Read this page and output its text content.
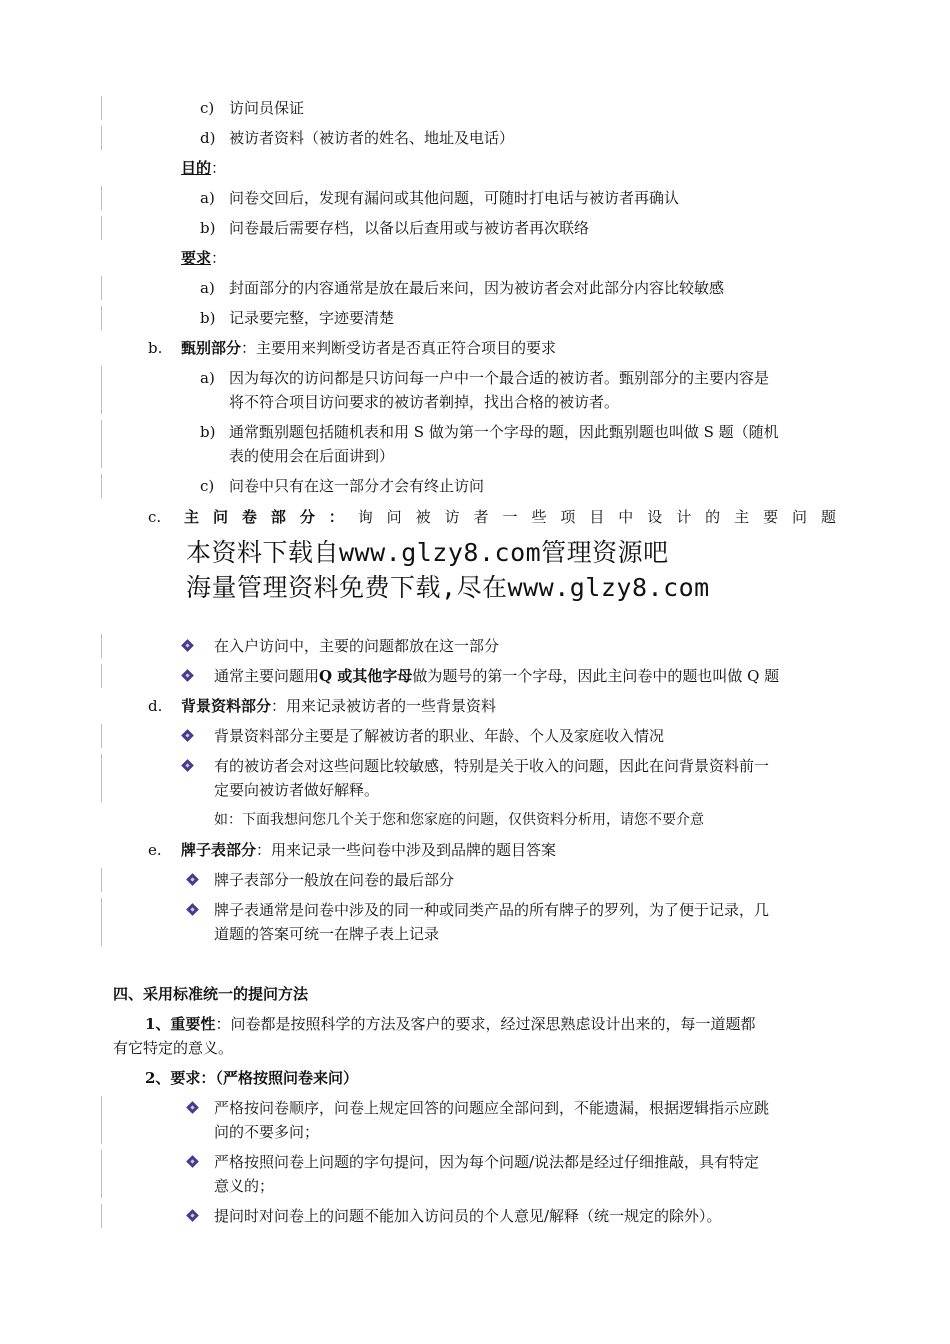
c) 访问员保证
d) 被访者资料（被访者的姓名、地址及电话）
目的：
a) 问卷交回后，发现有漏问或其他问题，可随时打电话与被访者再确认
b) 问卷最后需要存档，以备以后查用或与被访者再次联络
要求：
a) 封面部分的内容通常是放在最后来问，因为被访者会对此部分内容比较敏感
b) 记录要完整，字迹要清楚
b. 甄别部分：主要用来判断受访者是否真正符合项目的要求
a) 因为每次的访问都是只访问每一户中一个最合适的被访者。甄别部分的主要内容是
将不符合项目访问要求的被访者剃掉，找出合格的被访者。
b) 通常甄别题包括随机表和用 S 做为第一个字母的题，因此甄别题也叫做 S 题（随机
表的使用会在后面讲到）
c) 问卷中只有在这一部分才会有终止访问
c. 主 问 卷 部 分 ： 询 问 被 访 者 一 些 项 目 中 设 计 的 主 要 问 题
本资料下载自www.glzy8.com管理资源吧
海量管理资料免费下载,尽在www.glzy8.com
在入户访问中，主要的问题都放在这一部分
通常主要问题用Q 或其他字母做为题号的第一个字母，因此主问卷中的题也叫做 Q 题
d. 背景资料部分：用来记录被访者的一些背景资料
背景资料部分主要是了解被访者的职业、年龄、个人及家庭收入情况
有的被访者会对这些问题比较敏感，特别是关于收入的问题，因此在问背景资料前一
定要向被访者做好解释。
如：下面我想问您几个关于您和您家庭的问题，仅供资料分析用，请您不要介意
e. 牌子表部分：用来记录一些问卷中涉及到品牌的题目答案
牌子表部分一般放在问卷的最后部分
牌子表通常是问卷中涉及的同一种或同类产品的所有牌子的罗列，为了便于记录，几
道题的答案可统一在牌子表上记录
四、采用标准统一的提问方法
1、重要性：问卷都是按照科学的方法及客户的要求，经过深思熟虑设计出来的，每一道题都
有它特定的意义。
2、要求：（严格按照问卷来问）
严格按问卷顺序，问卷上规定回答的问题应全部问到，不能遗漏，根据逻辑指示应跳
问的不要多问；
严格按照问卷上问题的字句提问，因为每个问题/说法都是经过仔细推敲，具有特定
意义的；
提问时对问卷上的问题不能加入访问员的个人意见/解释（统一规定的除外）。
